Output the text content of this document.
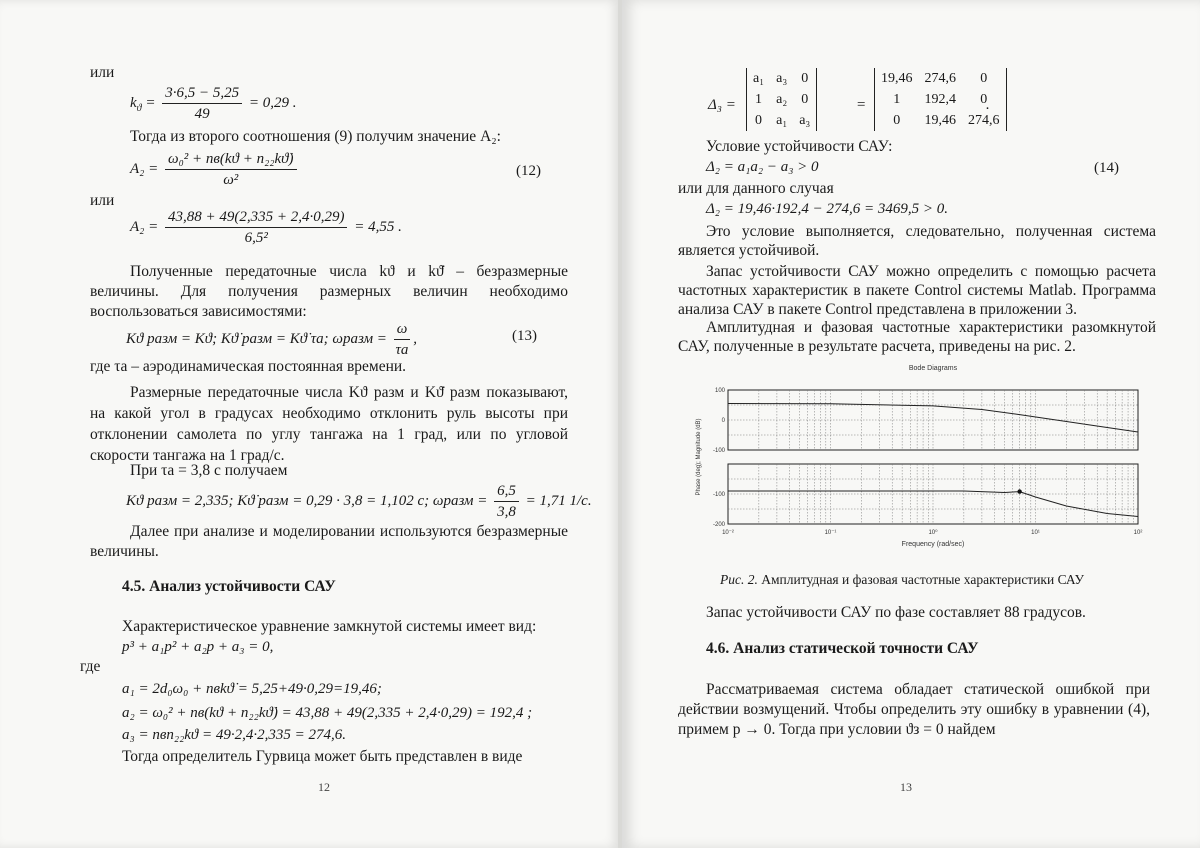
или
$k_ϑ = \frac{3\cdot 6,5 - 5,25}{49} = 0,29$ .
Тогда из второго соотношения (9) получим значение A₂:
$A_2 = \frac{\text{ω₀² + nв(kϑ + n₂₂kϑ̇)}}{\text{ω²}}$	(12)
или
$A_2 = \frac{43,88 + 49(2,335 + 2,4\cdot 0,29)}{\text{6,5²}} = 4,55$ .
Полученные передаточные числа kϑ и kϑ̇ – безразмерные величины. Для получения размерных величин необходимо воспользоваться зависимостями:
Kϑ разм = Kϑ; Kϑ̇ разм = Kϑ̇ τа; ωразм = $\frac{\omega}{\tau а}$ ,	(13)
где τа – аэродинамическая постоянная времени.
Размерные передаточные числа Kϑ разм и Kϑ̇ разм показывают, на какой угол в градусах необходимо отклонить руль высоты при отклонении самолета по углу тангажа на 1 град, или по угловой скорости тангажа на 1 град/с.
При τа = 3,8 с получаем
Kϑ разм = 2,335; Kϑ̇ разм = 0,29 · 3,8 = 1,102 с; ωразм = $\frac{6,5}{3,8} = 1,71$ 1/с.
Далее при анализе и моделировании используются безразмерные величины.
4.5. Анализ устойчивости САУ
Характеристическое уравнение замкнутой системы имеет вид:
p³ + a₁p² + a₂p + a₃ = 0,
где
a₁ = 2d₀ω₀ + nвkϑ̇ = 5,25+49·0,29=19,46;
a₂ = ω₀² + nв(kϑ + n₂₂kϑ̇) = 43,88 + 49(2,335 + 2,4·0,29) = 192,4 ;
a₃ = nвn₂₂kϑ = 49·2,4·2,335 = 274,6.
Тогда определитель Гурвица может быть представлен в виде
12
Δ₃ =
a₁	a₃	0
1	a₂	0
0	a₁	a₃
=
19,46	274,6	0
1	192,4	0
0	19,46	274,6
.
Условие устойчивости САУ:
Δ₂ = a₁a₂ − a₃ > 0	(14)
или для данного случая
Δ₂ = 19,46·192,4 − 274,6 = 3469,5 > 0.
Это условие выполняется, следовательно, полученная система является устойчивой.
Запас устойчивости САУ можно определить с помощью расчета частотных характеристик в пакете Control системы Matlab. Программа анализа САУ в пакете Control представлена в приложении 3.
Амплитудная и фазовая частотные характеристики разомкнутой САУ, полученные в результате расчета, приведены на рис. 2.
Bode Diagrams
100
0
-100
-100
-200
Phase (deg); Magnitude (dB)
10⁻²	10⁻¹	10⁰	10¹	10²
Frequency (rad/sec)
Рис. 2. Амплитудная и фазовая частотные характеристики САУ
Запас устойчивости САУ по фазе составляет 88 градусов.
4.6. Анализ статической точности САУ
Рассматриваемая система обладает статической ошибкой при действии возмущений. Чтобы определить эту ошибку в уравнении (4), примем p → 0. Тогда при условии ϑз = 0 найдем
13
